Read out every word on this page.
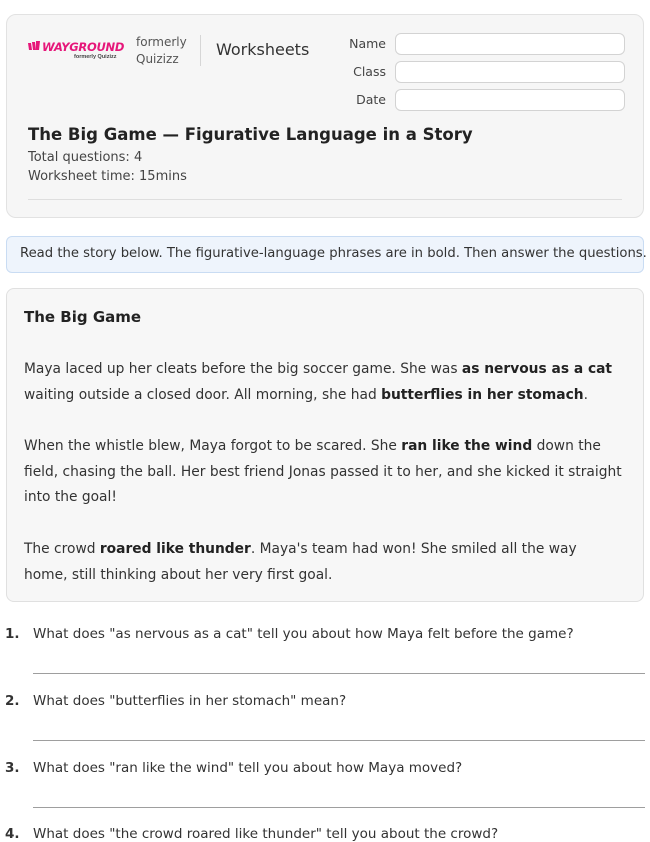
WAYGROUND
formerly Quizizz
formerly Quizizz	Worksheets	Name
Class
Date
The Big Game — Figurative Language in a Story
Total questions: 4
Worksheet time: 15mins
Read the story below. The figurative-language phrases are in bold. Then answer the questions.
The Big Game
Maya laced up her cleats before the big soccer game. She was as nervous as a cat waiting outside a closed door. All morning, she had butterflies in her stomach.
When the whistle blew, Maya forgot to be scared. She ran like the wind down the field, chasing the ball. Her best friend Jonas passed it to her, and she kicked it straight into the goal!
The crowd roared like thunder. Maya's team had won! She smiled all the way home, still thinking about her very first goal.
1. What does "as nervous as a cat" tell you about how Maya felt before the game?
2. What does "butterflies in her stomach" mean?
3. What does "ran like the wind" tell you about how Maya moved?
4. What does "the crowd roared like thunder" tell you about the crowd?
